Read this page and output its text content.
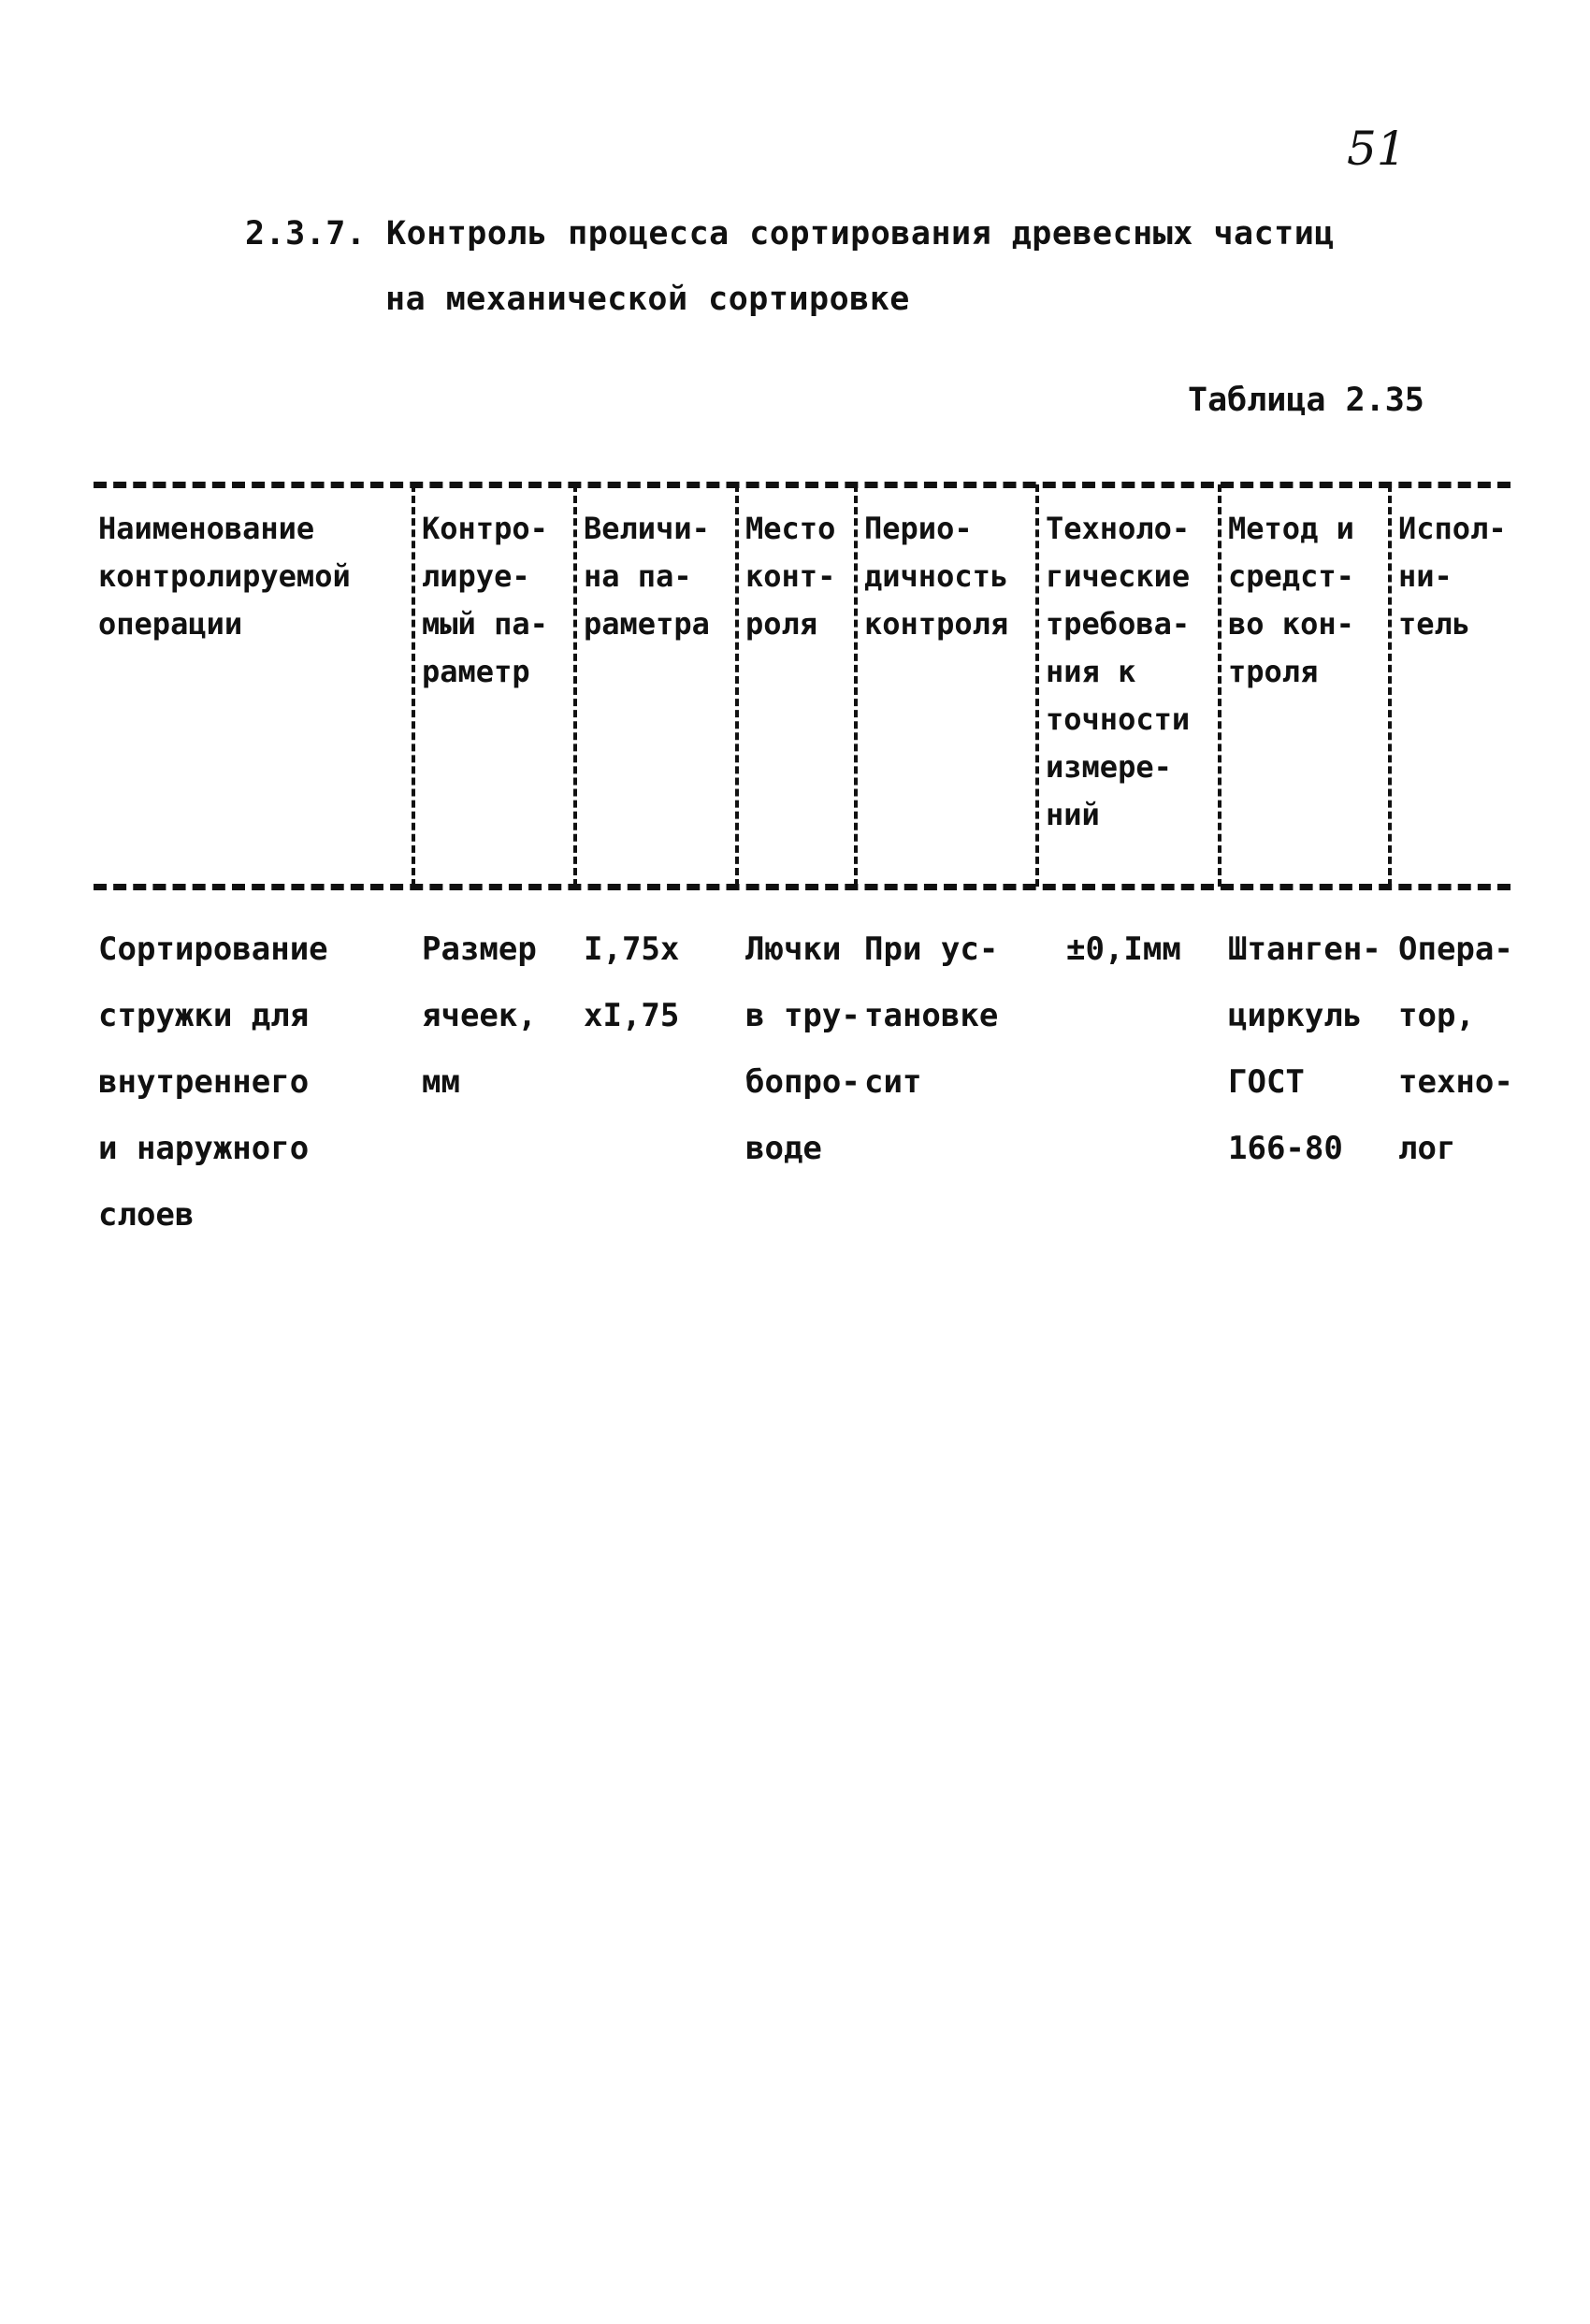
51
2.3.7. Контроль процесса сортирования древесных частиц
на механической сортировке
Таблица 2.35
Наименование
контролируемой
операции
Контро-
лируе-
мый па-
раметр
Величи-
на па-
раметра
Место
конт-
роля
Перио-
дичность
контроля
Техноло-
гические
требова-
ния к
точности
измере-
ний
Метод и
средст-
во кон-
троля
Испол-
ни-
тель
Сортирование
стружки для
внутреннего
и наружного
слоев
Размер
ячеек,
мм
I,75х
хI,75
Лючки
в тру-
бопро-
воде
При ус-
тановке
сит
±0,Iмм Штанген-
циркуль
ГОСТ
166-80
Опера-
тор,
техно-
лог
